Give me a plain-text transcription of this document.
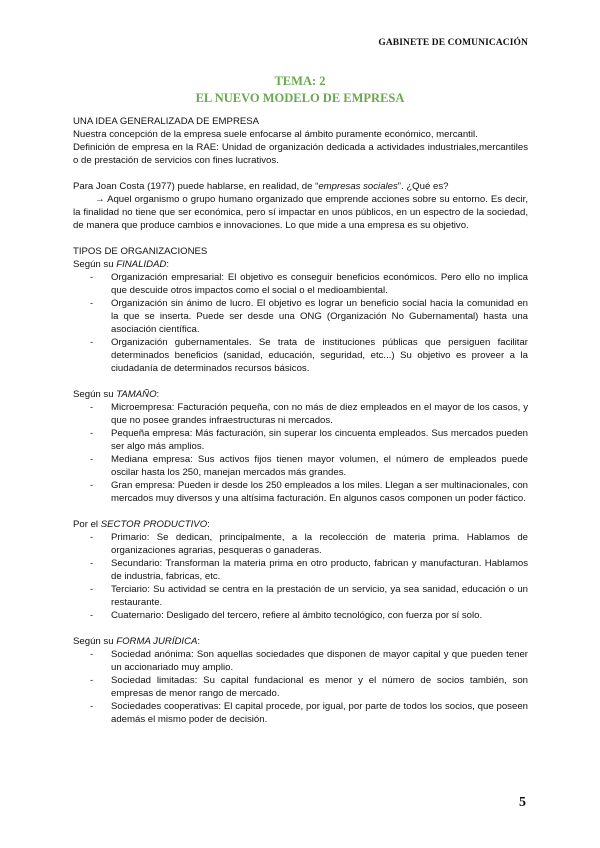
GABINETE DE COMUNICACIÓN
TEMA: 2
EL NUEVO MODELO DE EMPRESA

UNA IDEA GENERALIZADA DE EMPRESA

Nuestra concepción de la empresa suele enfocarse al ámbito puramente económico, mercantil.

Definición de empresa en la RAE: Unidad de organización dedicada a actividades industriales,mercantiles o de prestación de servicios con fines lucrativos.

Para Joan Costa (1977) puede hablarse, en realidad, de “empresas sociales”. ¿Qué es?

→ Aquel organismo o grupo humano organizado que emprende acciones sobre su entorno. Es decir, la finalidad no tiene que ser económica, pero sí impactar en unos públicos, en un espectro de la sociedad, de manera que produce cambios e innovaciones. Lo que mide a una empresa es su objetivo.

TIPOS DE ORGANIZACIONES

Según su FINALIDAD:

- Organización empresarial: El objetivo es conseguir beneficios económicos. Pero ello no implica que descuide otros impactos como el social o el medioambiental.
- Organización sin ánimo de lucro. El objetivo es lograr un beneficio social hacia la comunidad en la que se inserta. Puede ser desde una ONG (Organización No Gubernamental) hasta una asociación científica.
- Organización gubernamentales. Se trata de instituciones públicas que persiguen facilitar determinados beneficios (sanidad, educación, seguridad, etc...) Su objetivo es proveer a la ciudadanía de determinados recursos básicos.

Según su TAMAÑO:

- Microempresa: Facturación pequeña, con no más de diez empleados en el mayor de los casos, y que no posee grandes infraestructuras ni mercados.
- Pequeña empresa: Más facturación, sin superar los cincuenta empleados. Sus mercados pueden ser algo más amplios.
- Mediana empresa: Sus activos fijos tienen mayor volumen, el número de empleados puede oscilar hasta los 250, manejan mercados más grandes.
- Gran empresa: Pueden ir desde los 250 empleados a los miles. Llegan a ser multinacionales, con mercados muy diversos y una altísima facturación. En algunos casos componen un poder fáctico.

Por el SECTOR PRODUCTIVO:

- Primario: Se dedican, principalmente, a la recolección de materia prima. Hablamos de organizaciones agrarias, pesqueras o ganaderas.
- Secundario: Transforman la materia prima en otro producto, fabrican y manufacturan. Hablamos de industria, fabricas, etc.
- Terciario: Su actividad se centra en la prestación de un servicio, ya sea sanidad, educación o un restaurante.
- Cuaternario: Desligado del tercero, refiere al ámbito tecnológico, con fuerza por sí solo.

Según su FORMA JURÍDICA:

- Sociedad anónima: Son aquellas sociedades que disponen de mayor capital y que pueden tener un accionariado muy amplio.
- Sociedad limitadas: Su capital fundacional es menor y el número de socios también, son empresas de menor rango de mercado.
- Sociedades cooperativas: El capital procede, por igual, por parte de todos los socios, que poseen además el mismo poder de decisión.
5
